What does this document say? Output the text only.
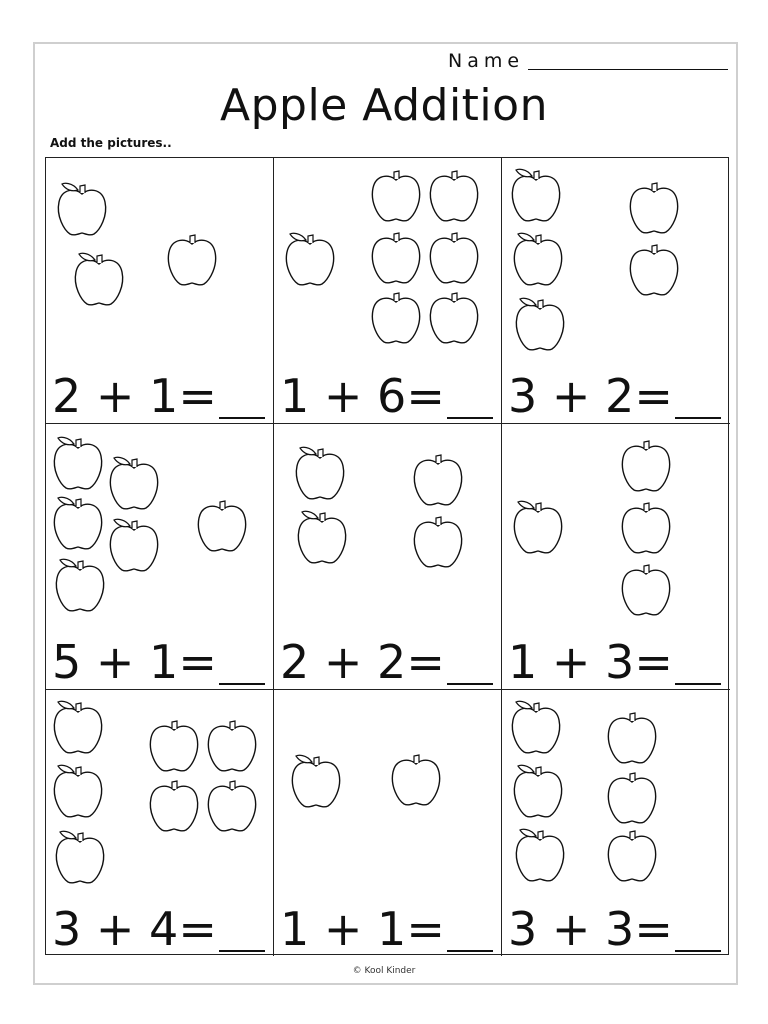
Name
Apple Addition
Add the pictures..
2 + 1= 1 + 6= 3 + 2=
5 + 1= 2 + 2= 1 + 3=
3 + 4= 1 + 1= 3 + 3=
© Kool Kinder
